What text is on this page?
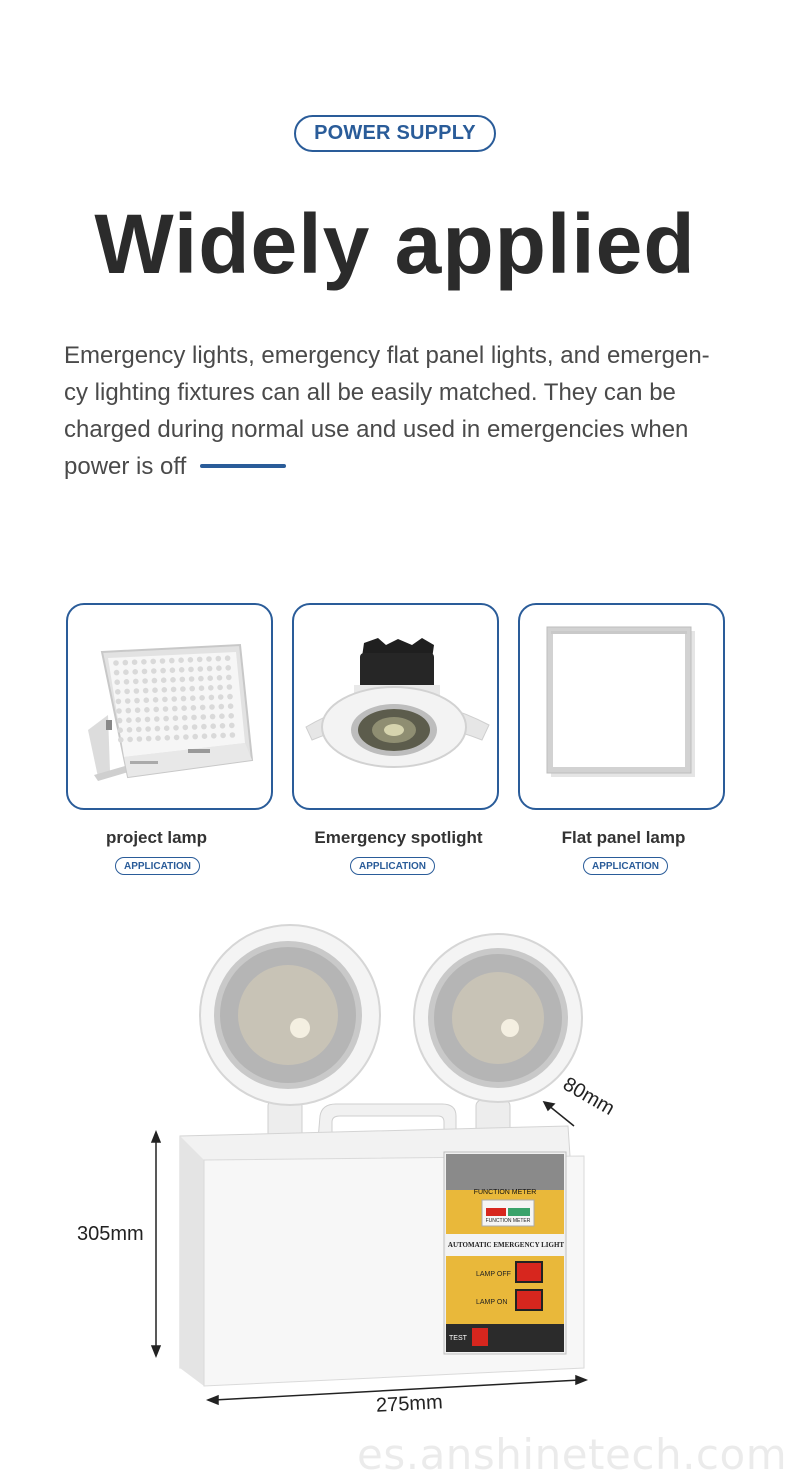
POWER SUPPLY
Widely applied
Emergency lights, emergency flat panel lights, and emergen-cy lighting fixtures can all be easily matched. They can be charged during normal use and used in emergencies when power is off
project lamp	Emergency spotlight	Flat panel lamp
APPLICATION	APPLICATION	APPLICATION
FUNCTION METER
FUNCTION METER
AUTOMATIC EMERGENCY LIGHT
LAMP OFF
LAMP ON
TEST
305mm
275mm
80mm
es.anshinetech.com
